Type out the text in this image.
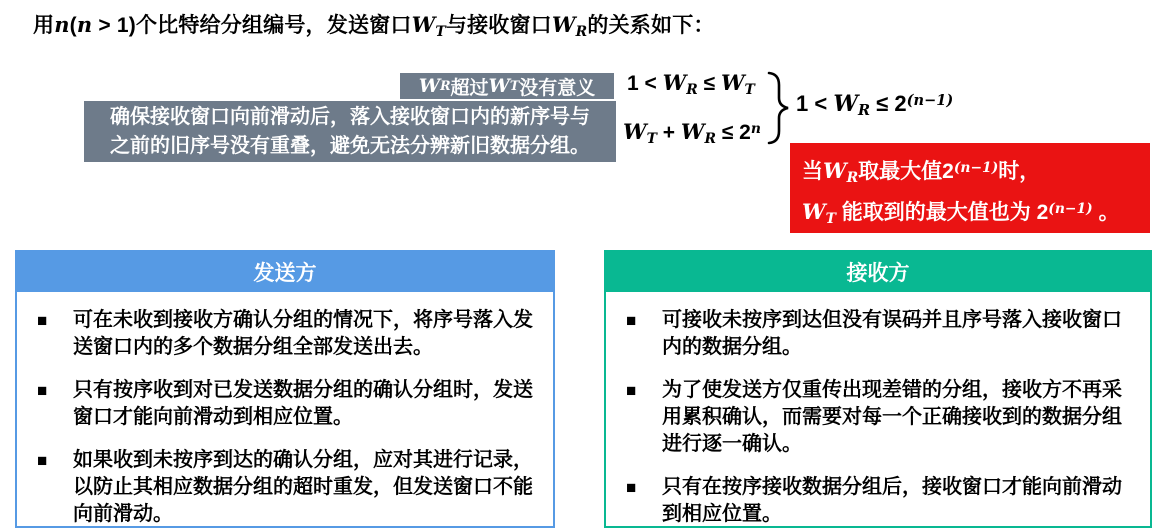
用n(n > 1)个比特给分组编号，发送窗口$W_T$与接收窗口$W_R$的关系如下：
W R 超过 W T 没有意义
确保接收窗口向前滑动后，落入接收窗口内的新序号与
之前的旧序号没有重叠，避免无法分辨新旧数据分组。
$1 < W_R \le W_T$
$W_T + W_R \le 2^n$
$1 < W_R \le 2^{(n-1)}$
当$W_R$取最大值$2^{(n-1)}$时，
$W_T$ 能取到的最大值也为 $2^{(n-1)}$ 。
发送方
■	可在未收到接收方确认分组的情况下，将序号落入发送窗口内的多个数据分组全部发送出去。
■	只有按序收到对已发送数据分组的确认分组时，发送窗口才能向前滑动到相应位置。
■	如果收到未按序到达的确认分组，应对其进行记录，以防止其相应数据分组的超时重发，但发送窗口不能向前滑动。
接收方
■	可接收未按序到达但没有误码并且序号落入接收窗口内的数据分组。
■	为了使发送方仅重传出现差错的分组，接收方不再采用累积确认，而需要对每一个正确接收到的数据分组进行逐一确认。
■	只有在按序接收数据分组后，接收窗口才能向前滑动到相应位置。
